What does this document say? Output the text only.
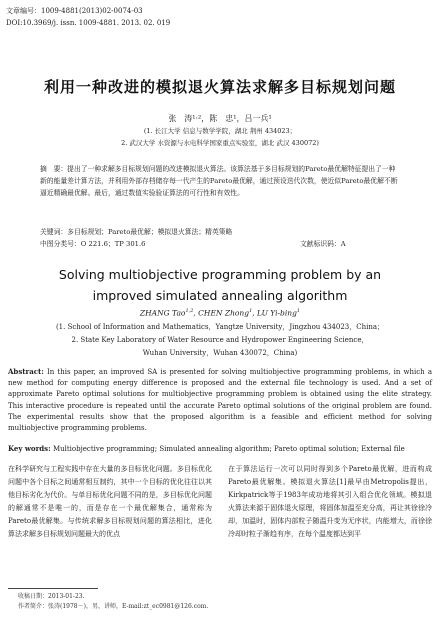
文章编号：1009-4881(2013)02-0074-03
DOI:10.3969/j. issn. 1009-4881. 2013. 02. 019
利用一种改进的模拟退火算法求解多目标规划问题
张　涛¹·²，陈　忠¹，吕一兵¹
(1. 长江大学 信息与数学学院，湖北 荆州 434023；
2. 武汉大学 水资源与水电科学国家重点实验室，湖北 武汉 430072)
摘　要：提出了一种求解多目标规划问题的改进模拟退火算法。该算法基于多目标规划的Pareto最优解特征提出了一种新的能量差计算方法，并利用外部存档储存每一代产生的Pareto最优解，通过预设迭代次数，使近似Pareto最优解不断逼近精确最优解。最后，通过数值实验验证算法的可行性和有效性。
关键词：多目标规划；Pareto最优解；模拟退火算法；精英策略
中图分类号：O 221.6；TP 301.6	文献标识码：A
Solving multiobjective programming problem by an
improved simulated annealing algorithm
ZHANG Tao$^{1,2}$, CHEN Zhong$^1$, LU Yi-bing$^1$
(1. School of Information and Mathematics，Yangtze University，Jingzhou 434023，China；
2. State Key Laboratory of Water Resource and Hydropower Engineering Science，
Wuhan University，Wuhan 430072，China)
Abstract: In this paper, an improved SA is presented for solving multiobjective programming problems, in which a new method for computing energy difference is proposed and the external file technology is used. And a set of approximate Pareto optimal solutions for multiobjective programming problem is obtained using the elite strategy. This interactive procedure is repeated until the accurate Pareto optimal solutions of the original problem are found. The experimental results show that the proposed algorithm is a feasible and efficient method for solving multiobjective programming problems.
Key words: Multiobjective programming; Simulated annealing algorithm; Pareto optimal solution; External file
在科学研究与工程实践中存在大量的多目标优化问题。多目标优化问题中各个目标之间通常相互制约，其中一个目标的优化往往以其他目标劣化为代价。与单目标优化问题不同的是，多目标优化问题的解通常不是唯一的，而是存在一个最优解集合，通常称为Pareto最优解集。与传统求解多目标规划问题的算法相比，进化算法求解多目标规划问题最大的优点
在于算法运行一次可以同时得到多个Pareto最优解，进而构成Pareto最优解集。模拟退火算法[1]最早由Metropolis提出，Kirkpatrick等于1983年成功地将其引入组合优化领域。模拟退火算法来源于固体退火原理，将固体加温至充分高，再让其徐徐冷却，加温时，固体内部粒子随温升变为无序状，内能增大，而徐徐冷却时粒子渐趋有序，在每个温度都达到平
收稿日期：2013-01-23.
作者简介：张涛(1978－)，男，讲师，E-mail:zt_ec0981@126.com.
